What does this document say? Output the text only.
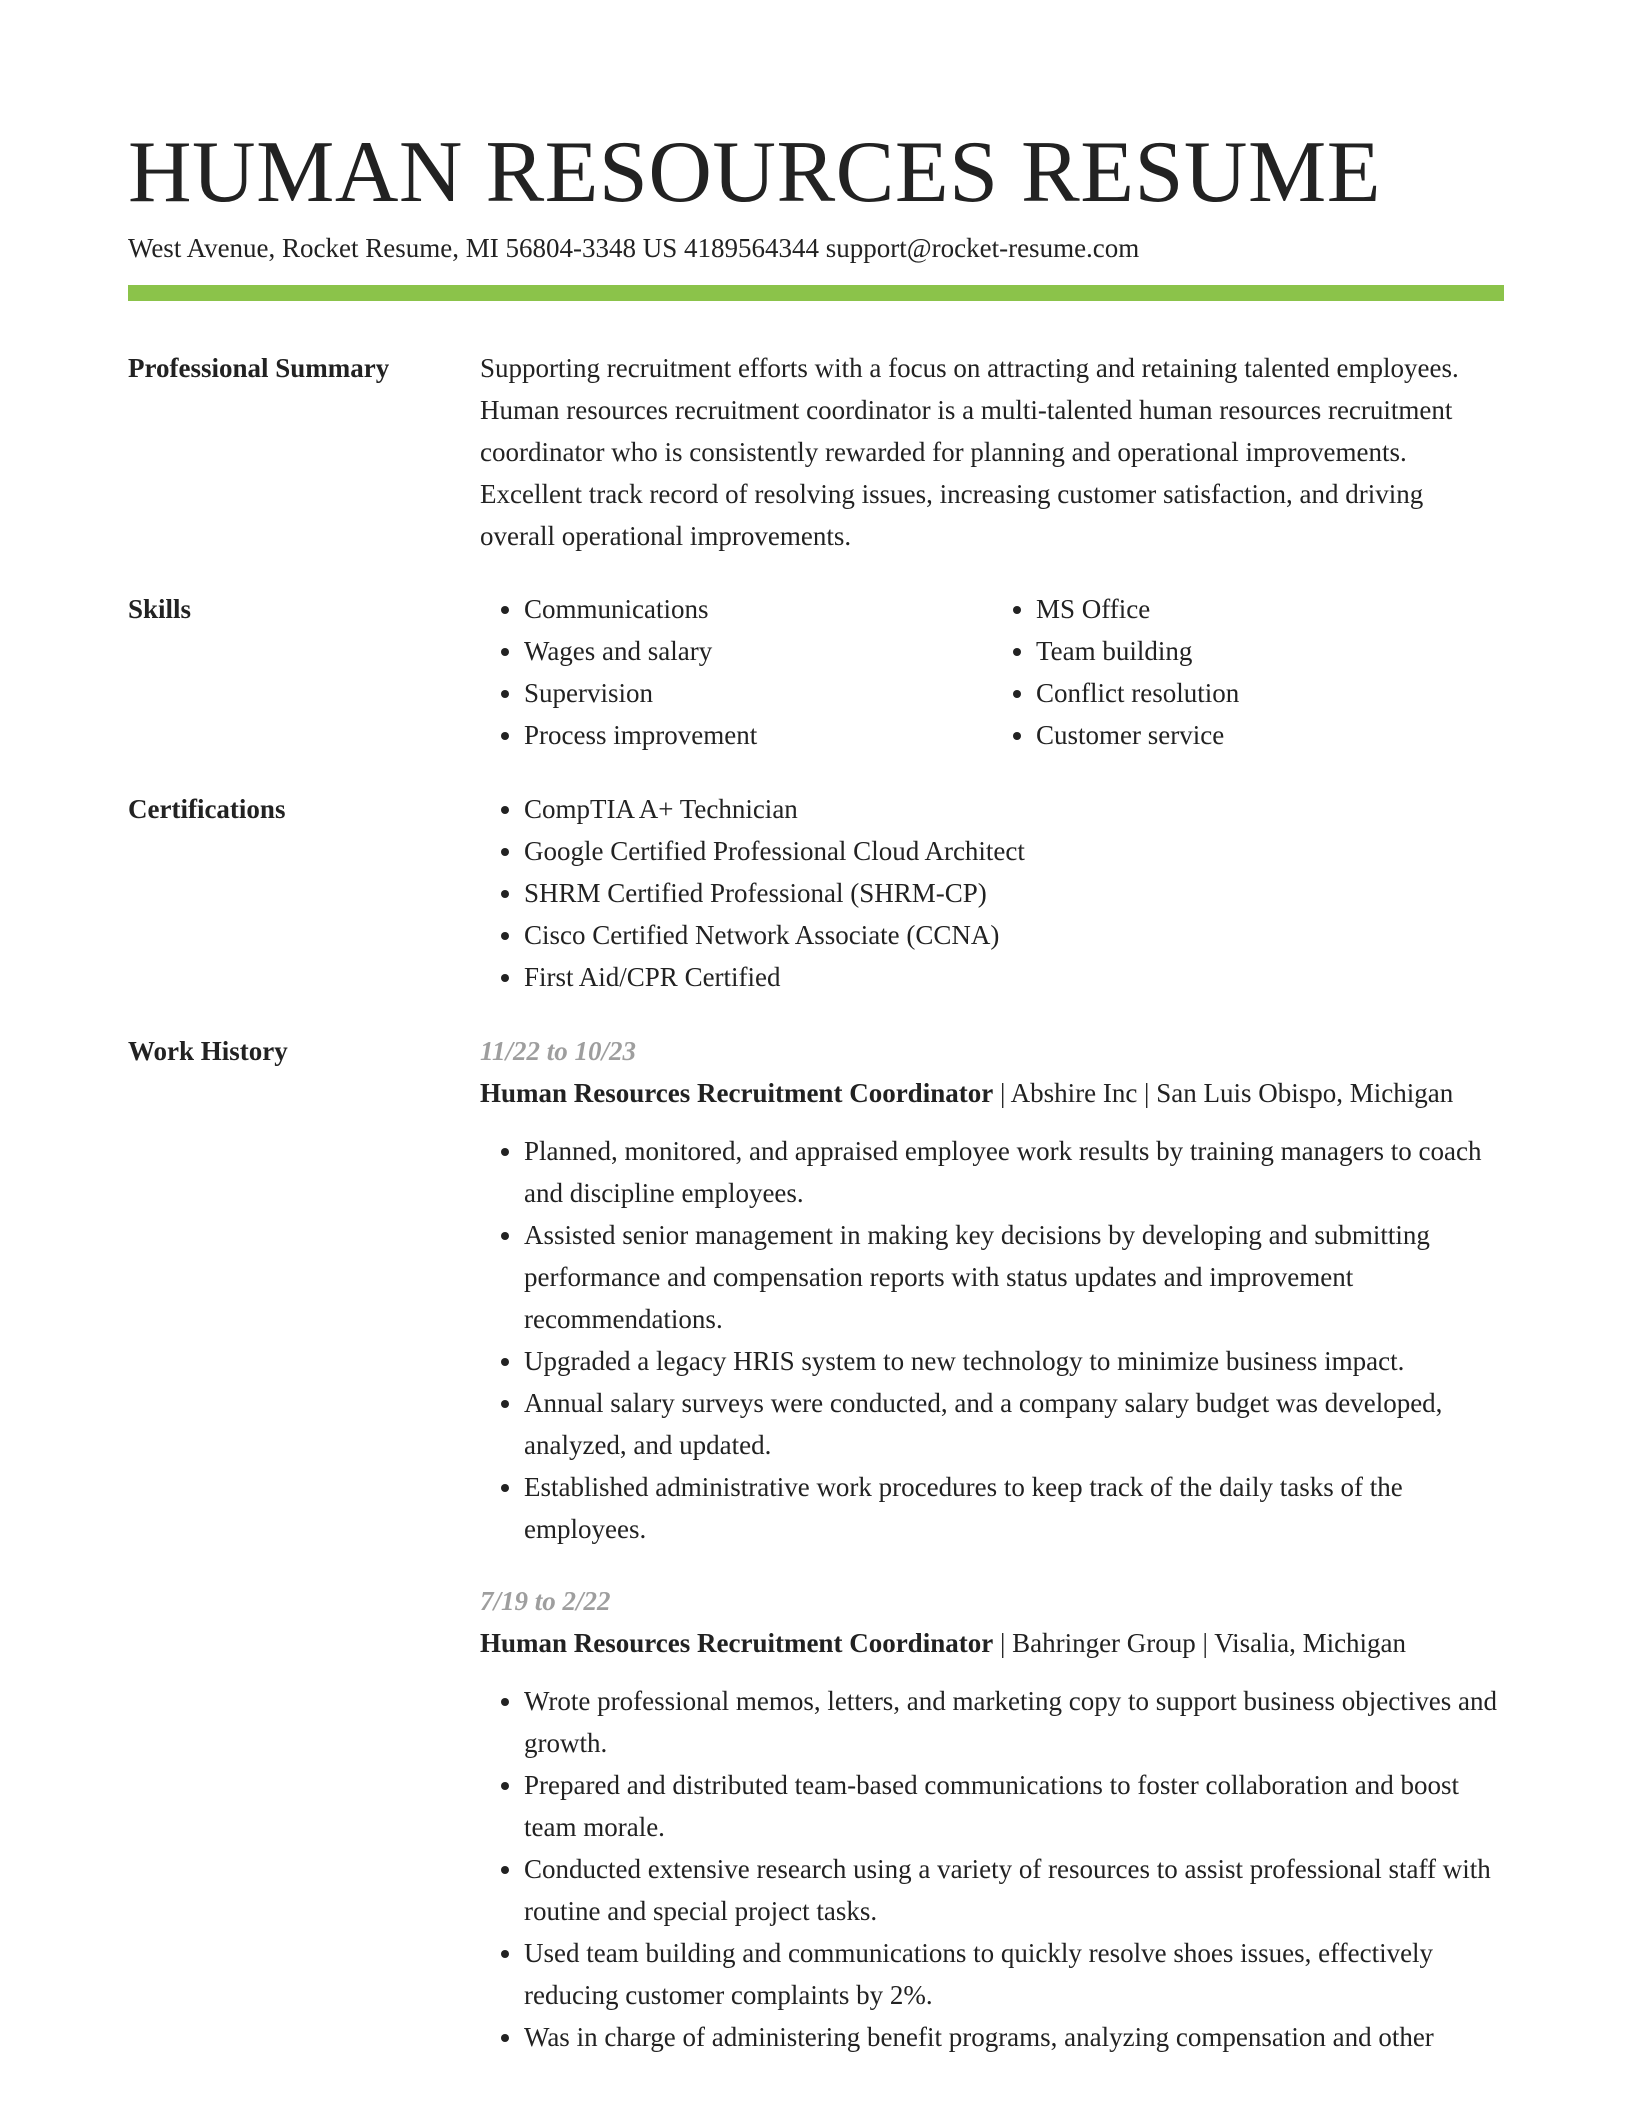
HUMAN RESOURCES RESUME
West Avenue, Rocket Resume, MI 56804-3348 US 4189564344 support@rocket-resume.com
Professional Summary	Supporting recruitment efforts with a focus on attracting and retaining talented employees. Human resources recruitment coordinator is a multi-talented human resources recruitment coordinator who is consistently rewarded for planning and operational improvements. Excellent track record of resolving issues, increasing customer satisfaction, and driving overall operational improvements.

Skills	• Communications
• Wages and salary
• Supervision
• Process improvement
• MS Office
• Team building
• Conflict resolution
• Customer service
Certifications	• CompTIA A+ Technician
• Google Certified Professional Cloud Architect
• SHRM Certified Professional (SHRM-CP)
• Cisco Certified Network Associate (CCNA)
• First Aid/CPR Certified
Work History	11/22 to 10/23
Human Resources Recruitment Coordinator | Abshire Inc | San Luis Obispo, Michigan
• Planned, monitored, and appraised employee work results by training managers to coach and discipline employees.
• Assisted senior management in making key decisions by developing and submitting performance and compensation reports with status updates and improvement recommendations.
• Upgraded a legacy HRIS system to new technology to minimize business impact.
• Annual salary surveys were conducted, and a company salary budget was developed, analyzed, and updated.
• Established administrative work procedures to keep track of the daily tasks of the employees.
7/19 to 2/22
Human Resources Recruitment Coordinator | Bahringer Group | Visalia, Michigan
• Wrote professional memos, letters, and marketing copy to support business objectives and growth.
• Prepared and distributed team-based communications to foster collaboration and boost team morale.
• Conducted extensive research using a variety of resources to assist professional staff with routine and special project tasks.
• Used team building and communications to quickly resolve shoes issues, effectively reducing customer complaints by 2%.
• Was in charge of administering benefit programs, analyzing compensation and other
